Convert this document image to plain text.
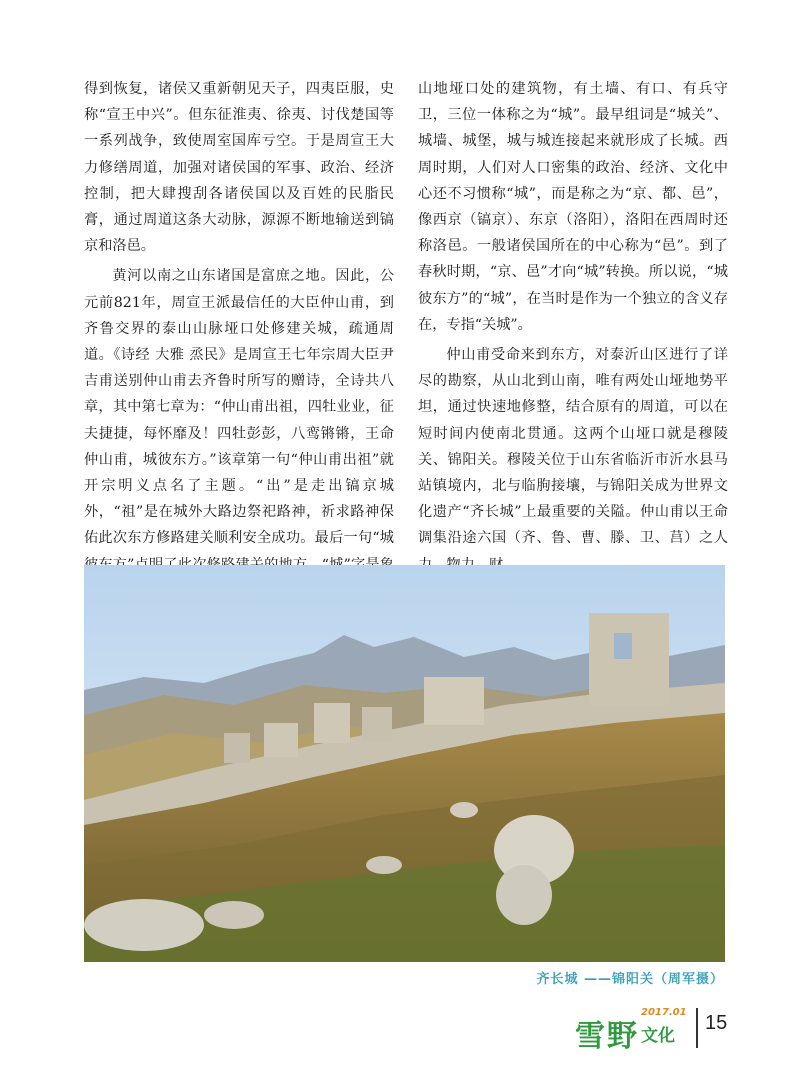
得到恢复，诸侯又重新朝见天子，四夷臣服，史称“宣王中兴”。但东征淮夷、徐夷、讨伐楚国等一系列战争，致使周室国库亏空。于是周宣王大力修缮周道，加强对诸侯国的军事、政治、经济控制，把大肆搜刮各诸侯国以及百姓的民脂民膏，通过周道这条大动脉，源源不断地输送到镐京和洛邑。

黄河以南之山东诸国是富庶之地。因此，公元前821年，周宣王派最信任的大臣仲山甫，到齐鲁交界的泰山山脉垭口处修建关城，疏通周道。《诗经 大雅 烝民》是周宣王七年宗周大臣尹吉甫送别仲山甫去齐鲁时所写的赠诗，全诗共八章，其中第七章为：“仲山甫出祖，四牡业业，征夫捷捷，每怀靡及！四牡彭彭，八鸾锵锵，王命仲山甫，城彼东方。”该章第一句“仲山甫出祖”就开宗明义点名了主题。“出”是走出镐京城外，“祖”是在城外大路边祭祀路神，祈求路神保佑此次东方修路建关顺利安全成功。最后一句“城

山地垭口处的建筑物，有土墙、有口、有兵守卫，三位一体称之为“城”。最早组词是“城关”、城墙、城堡，城与城连接起来就形成了长城。西周时期，人们对人口密集的政治、经济、文化中心还不习惯称“城”，而是称之为“京、都、邑”，像西京（镐京）、东京（洛阳），洛阳在西周时还称洛邑。一般诸侯国所在的中心称为“邑”。到了春秋时期，“京、邑”才向“城”转换。所以说，“城彼东方”的“城”，在当时是作为一个独立的含义存在，专指“关城”。

仲山甫受命来到东方，对泰沂山区进行了详尽的勘察，从山北到山南，唯有两处山垭地势平坦，通过快速地修整，结合原有的周道，可以在短时间内使南北贯通。这两个山垭口就是穆陵关、锦阳关。穆陵关位于山东省临沂市沂水县马站镇境内，北与临朐接壤，与锦阳关成为世界文化遗产“齐长城”上最重要的关隘。仲山甫以王命调集沿途六国（齐、鲁、曹、滕、卫、莒）之人

齐长城 ——锦阳关（周军摄）
雪野
2017.01
文化
15
